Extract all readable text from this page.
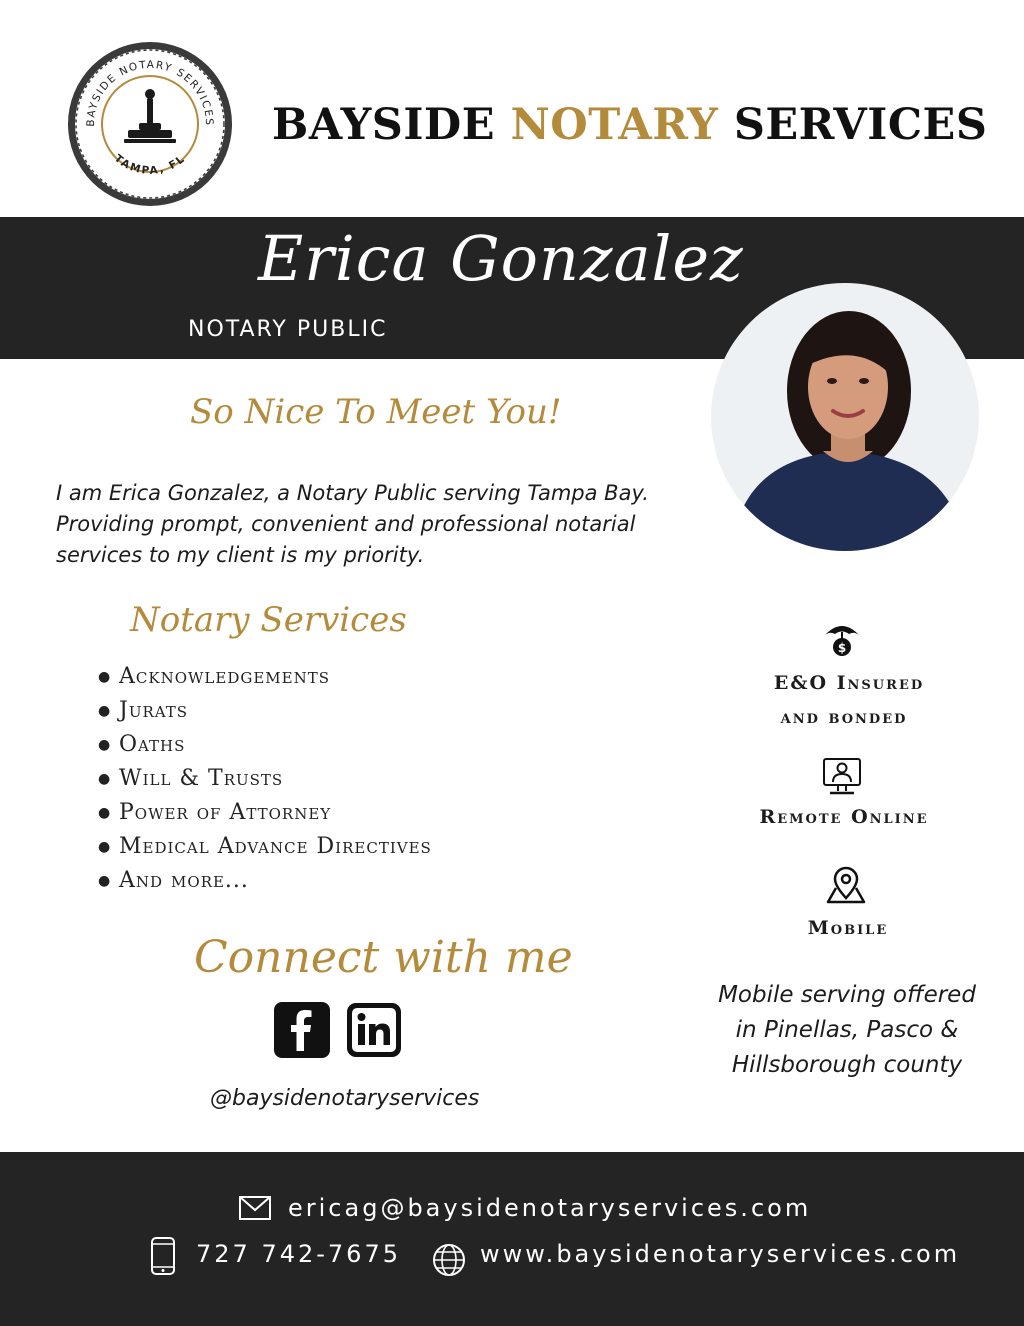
BAYSIDE NOTARY SERVICES
TAMPA, FL
BAYSIDE NOTARY SERVICES
Erica Gonzalez
NOTARY PUBLIC
So Nice To Meet You!
I am Erica Gonzalez, a Notary Public serving Tampa Bay. Providing prompt, convenient and professional notarial services to my client is my priority.
Notary Services
● Acknowledgements
● Jurats
● Oaths
● Will & Trusts
● Power of Attorney
● Medical Advance Directives
● And more...
Connect with me
@baysidenotaryservices
$
E&O Insured
and bonded
Remote Online
Mobile
Mobile serving offered in Pinellas, Pasco & Hillsborough county
ericag@baysidenotaryservices.com
727 742-7675	www.baysidenotaryservices.com
